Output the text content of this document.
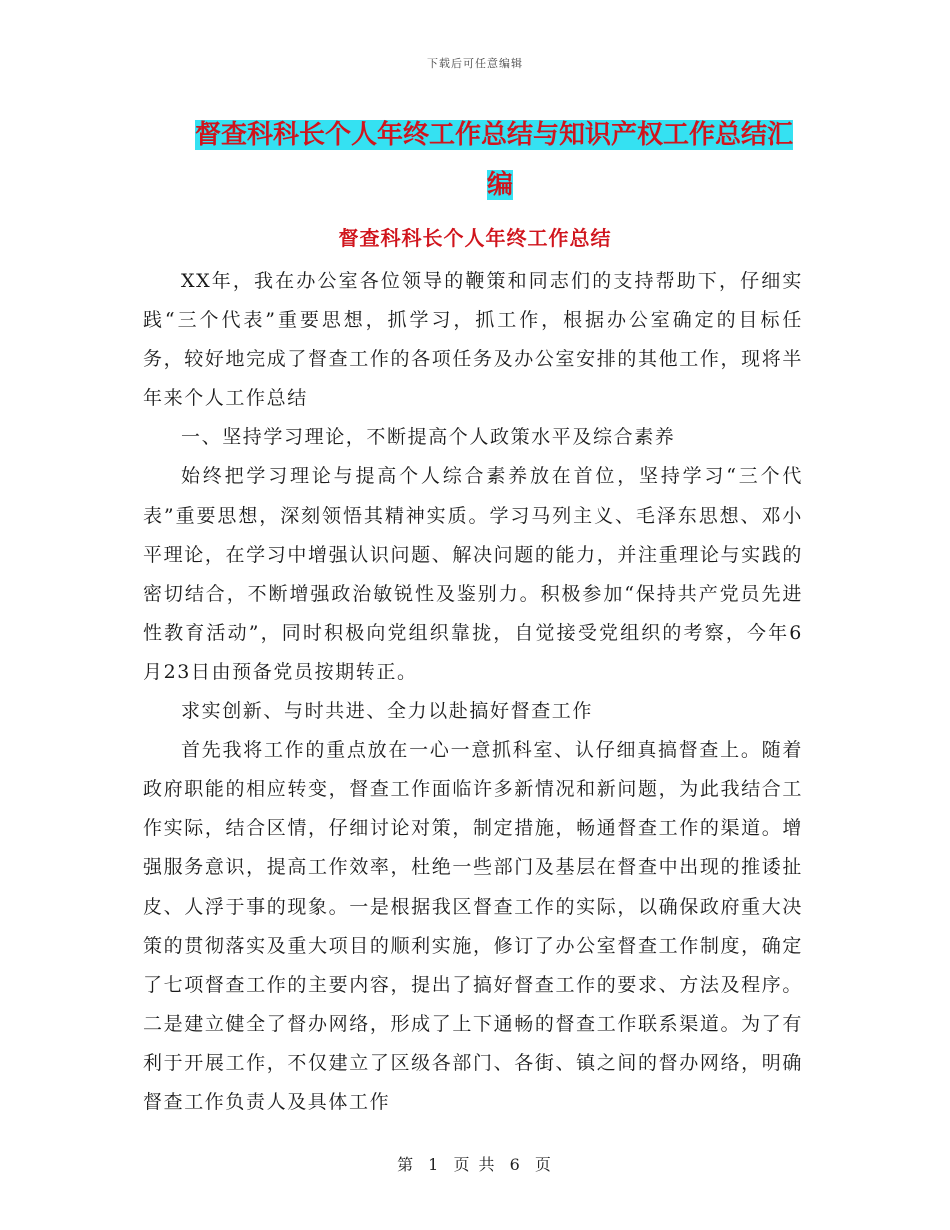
下载后可任意编辑
督查科科长个人年终工作总结与知识产权工作总结汇
编
督查科科长个人年终工作总结

XX年，我在办公室各位领导的鞭策和同志们的支持帮助下，仔细实践“三个代表”重要思想，抓学习，抓工作，根据办公室确定的目标任务，较好地完成了督查工作的各项任务及办公室安排的其他工作，现将半年来个人工作总结

一、坚持学习理论，不断提高个人政策水平及综合素养

始终把学习理论与提高个人综合素养放在首位，坚持学习“三个代表”重要思想，深刻领悟其精神实质。学习马列主义、毛泽东思想、邓小平理论，在学习中增强认识问题、解决问题的能力，并注重理论与实践的密切结合，不断增强政治敏锐性及鉴别力。积极参加“保持共产党员先进性教育活动”，同时积极向党组织靠拢，自觉接受党组织的考察，今年6月23日由预备党员按期转正。

求实创新、与时共进、全力以赴搞好督查工作

首先我将工作的重点放在一心一意抓科室、认仔细真搞督查上。随着政府职能的相应转变，督查工作面临许多新情况和新问题，为此我结合工作实际，结合区情，仔细讨论对策，制定措施，畅通督查工作的渠道。增强服务意识，提高工作效率，杜绝一些部门及基层在督查中出现的推诿扯皮、人浮于事的现象。一是根据我区督查工作的实际，以确保政府重大决策的贯彻落实及重大项目的顺利实施，修订了办公室督查工作制度，确定了七项督查工作的主要内容，提出了搞好督查工作的要求、方法及程序。二是建立健全了督办网络，形成了上下通畅的督查工作联系渠道。为了有利于开展工作，不仅建立了区级各部门、各街、镇之间的督办网络，明确督查工作负责人及具体工作

第 1 页 共 6 页
